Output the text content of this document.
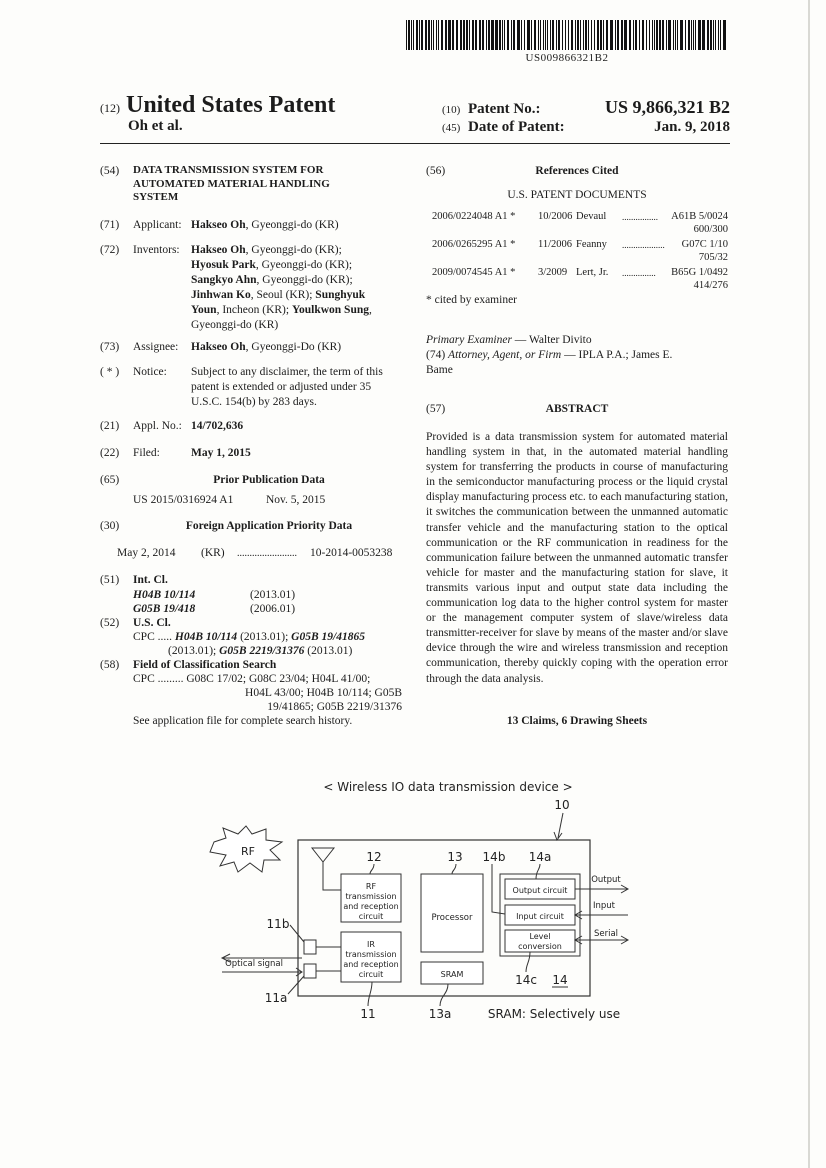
US009866321B2
(12) United States Patent
Oh et al.
(10) Patent No.:	US 9,866,321 B2
(45) Date of Patent:	Jan. 9, 2018
(54) DATA TRANSMISSION SYSTEM FOR
AUTOMATED MATERIAL HANDLING
SYSTEM
(71) Applicant: Hakseo Oh, Gyeonggi-do (KR)
(72) Inventors: Hakseo Oh, Gyeonggi-do (KR);
Hyosuk Park, Gyeonggi-do (KR);
Sangkyo Ahn, Gyeonggi-do (KR);
Jinhwan Ko, Seoul (KR); Sunghyuk
Youn, Incheon (KR); Youlkwon Sung,
Gyeonggi-do (KR)
(73) Assignee: Hakseo Oh, Gyeonggi-Do (KR)
( * ) Notice: Subject to any disclaimer, the term of this
patent is extended or adjusted under 35
U.S.C. 154(b) by 283 days.
(21) Appl. No.: 14/702,636
(22) Filed:	May 1, 2015
(65)	Prior Publication Data
US 2015/0316924 A1	Nov. 5, 2015
(30)	Foreign Application Priority Data
May 2, 2014 (KR) ........................ 10-2014-0053238
(51) Int. Cl.
H04B 10/114	(2013.01)
G05B 19/418	(2006.01)
(52) U.S. Cl.
CPC ..... H04B 10/114 (2013.01); G05B 19/41865
(2013.01); G05B 2219/31376 (2013.01)
(58) Field of Classification Search
CPC ......... G08C 17/02; G08C 23/04; H04L 41/00;
H04L 43/00; H04B 10/114; G05B
19/41865; G05B 2219/31376
See application file for complete search history.
(56)	References Cited
U.S. PATENT DOCUMENTS
2006/0224048 A1 * 10/2006 Devaul ................ A61B 5/0024
600/300
2006/0265295 A1 * 11/2006 Feanny ................... G07C 1/10
705/32
2009/0074545 A1 * 3/2009 Lert, Jr. ............... B65G 1/0492
414/276
* cited by examiner
Primary Examiner — Walter Divito
(74) Attorney, Agent, or Firm — IPLA P.A.; James E.
Bame
(57)	ABSTRACT
Provided is a data transmission system for automated material handling system in that, in the automated material handling system for transferring the products in course of manufacturing in the semiconductor manufacturing process or the liquid crystal display manufacturing process etc. to each manufacturing station, it switches the communication between the unmanned automatic transfer vehicle and the manufacturing station to the optical communication or the RF communication in readiness for the communication failure between the unmanned automatic transfer vehicle for master and the manufacturing station for slave, it transmits various input and output state data including the communication log data to the higher control system for master or the management computer system of slave/wireless data transmitter-receiver for slave by means of the master and/or slave device through the wire and wireless transmission and reception communication, thereby quickly coping with the operation error through the data analysis.
13 Claims, 6 Drawing Sheets
< Wireless IO data transmission device >
10
RF
RF
transmission
and reception
circuit
12
Processor
13
SRAM
IR
transmission
and reception
circuit
Optical signal
11b
11a
Output circuit
Input circuit
Level
conversion
14b 14a
Output
Input
Serial
14c 14
11	13a	SRAM: Selectively use
